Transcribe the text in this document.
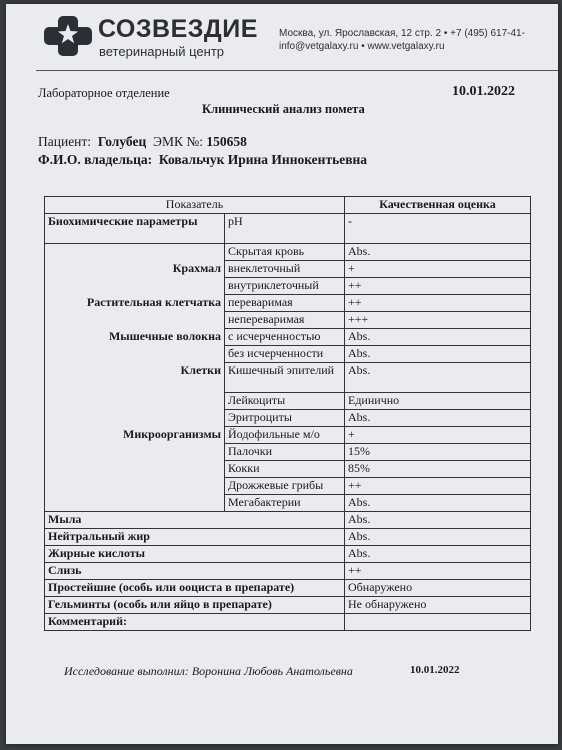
СОЗВЕЗДИЕ
ветеринарный центр
Москва, ул. Ярославская, 12 стр. 2 • +7 (495) 617-41-
info@vetgalaxy.ru • www.vetgalaxy.ru
Лабораторное отделение	10.01.2022
Клинический анализ помета
Пациент: Голубец ЭМК №: 150658
Ф.И.О. владельца: Ковальчук Ирина Иннокентьевна
Показатель		Качественная оценка
Биохимические параметры	pH	-
	Скрытая кровь	Abs.
Крахмал	внеклеточный	+
	внутриклеточный	++
Растительная клетчатка	переваримая	++
	непереваримая	+++
Мышечные волокна	с исчерченностью	Abs.
	без исчерченности	Abs.
Клетки	Кишечный эпителий	Abs.
	Лейкоциты	Единично
	Эритроциты	Abs.
Микроорганизмы	Йодофильные м/о	+
	Палочки	15%
	Кокки	85%
	Дрожжевые грибы	++
	Мегабактерии	Abs.
Мыла		Abs.
Нейтральный жир		Abs.
Жирные кислоты		Abs.
Слизь		++
Простейшие (особь или ооциста в препарате)		Обнаружено
Гельминты (особь или яйцо в препарате)		Не обнаружено
Комментарий:		
Исследование выполнил: Воронина Любовь Анатольевна	10.01.2022
